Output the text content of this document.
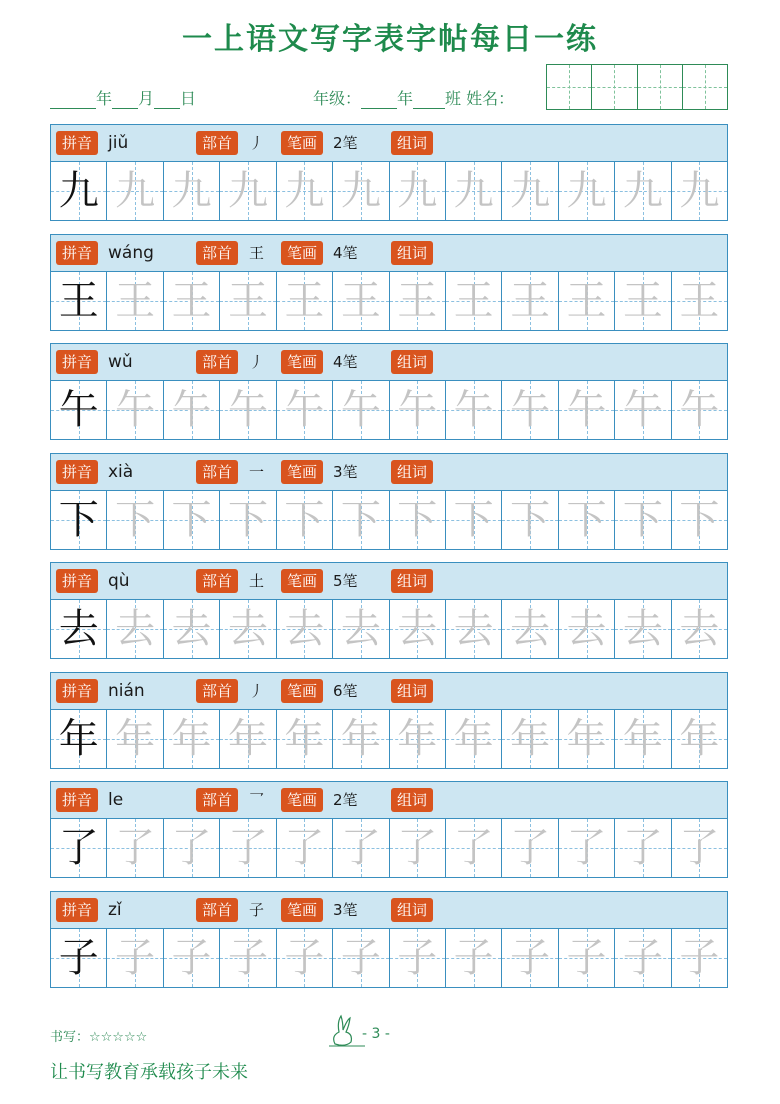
一上语文写字表字帖每日一练
年 月 日	年级： 年 班 姓名：
拼音 jiǔ	部首	丿	笔画	2笔	组词
九 九 九 九 九 九 九 九 九 九 九 九
拼音 wáng	部首	王	笔画	4笔	组词
王 王 王 王 王 王 王 王 王 王 王 王
拼音 wǔ	部首	丿	笔画	4笔	组词
午 午 午 午 午 午 午 午 午 午 午 午
拼音 xià	部首	一	笔画	3笔	组词
下 下 下 下 下 下 下 下 下 下 下 下
拼音 qù	部首	土	笔画	5笔	组词
去 去 去 去 去 去 去 去 去 去 去 去
拼音 nián	部首	丿	笔画	6笔	组词
年 年 年 年 年 年 年 年 年 年 年 年
拼音 le	部首	乛	笔画	2笔	组词
了 了 了 了 了 了 了 了 了 了 了 了
拼音 zǐ	部首	子	笔画	3笔	组词
子 子 子 子 子 子 子 子 子 子 子 子
书写：☆☆☆☆☆	- 3 -
让书写教育承载孩子未来
